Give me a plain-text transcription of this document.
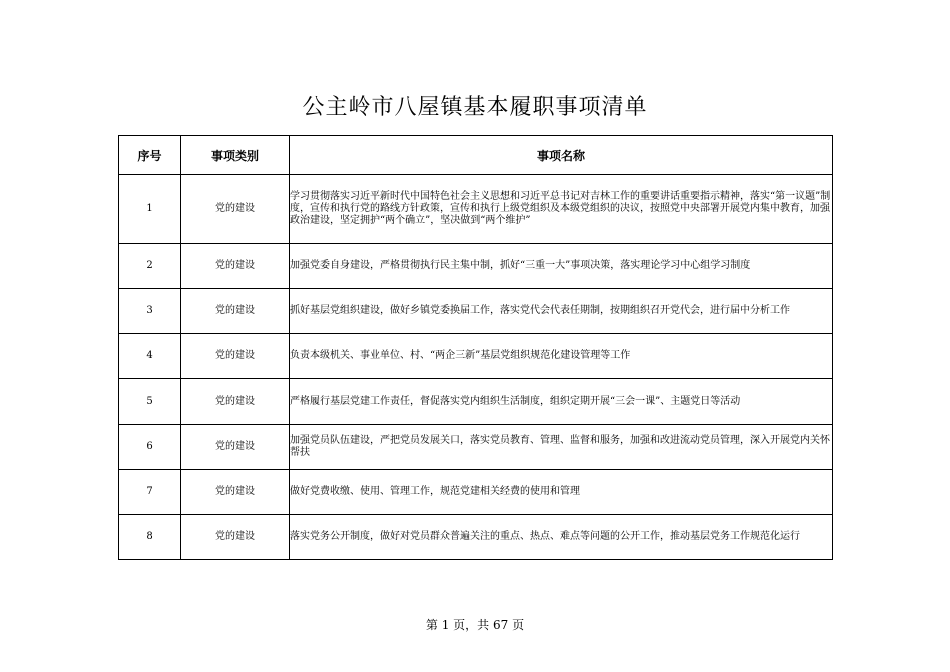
公主岭市八屋镇基本履职事项清单
序号	事项类别	事项名称
1	党的建设	学习贯彻落实习近平新时代中国特色社会主义思想和习近平总书记对吉林工作的重要讲话重要指示精神，落实“第一议题”制度，宣传和执行党的路线方针政策，宣传和执行上级党组织及本级党组织的决议，按照党中央部署开展党内集中教育，加强政治建设，坚定拥护“两个确立”，坚决做到“两个维护”
2	党的建设	加强党委自身建设，严格贯彻执行民主集中制，抓好“三重一大”事项决策，落实理论学习中心组学习制度
3	党的建设	抓好基层党组织建设，做好乡镇党委换届工作，落实党代会代表任期制，按期组织召开党代会，进行届中分析工作
4	党的建设	负责本级机关、事业单位、村、“两企三新”基层党组织规范化建设管理等工作
5	党的建设	严格履行基层党建工作责任，督促落实党内组织生活制度，组织定期开展“三会一课”、主题党日等活动
6	党的建设	加强党员队伍建设，严把党员发展关口，落实党员教育、管理、监督和服务，加强和改进流动党员管理，深入开展党内关怀帮扶
7	党的建设	做好党费收缴、使用、管理工作，规范党建相关经费的使用和管理
8	党的建设	落实党务公开制度，做好对党员群众普遍关注的重点、热点、难点等问题的公开工作，推动基层党务工作规范化运行
第 1 页，共 67 页
